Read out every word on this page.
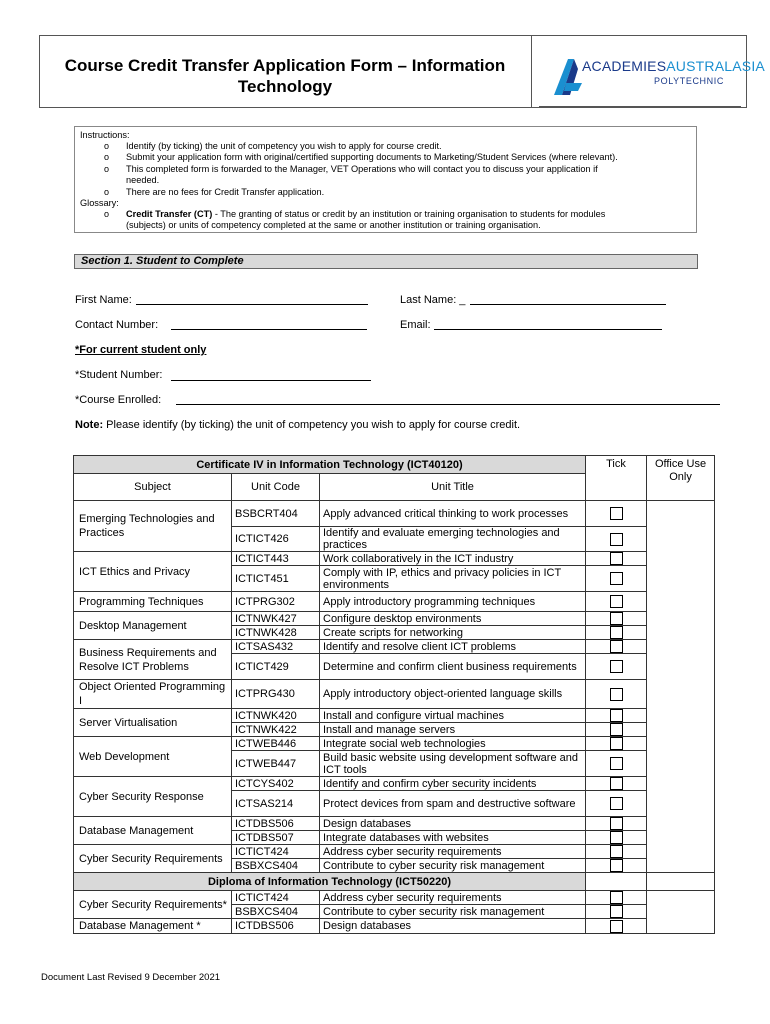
Course Credit Transfer Application Form – Information Technology
ACADEMIESAUSTRALASIA
POLYTECHNIC
Instructions:
o Identify (by ticking) the unit of competency you wish to apply for course credit.
o Submit your application form with original/certified supporting documents to Marketing/Student Services (where relevant).
o This completed form is forwarded to the Manager, VET Operations who will contact you to discuss your application if
needed.
o There are no fees for Credit Transfer application.
Glossary:
o Credit Transfer (CT) - The granting of status or credit by an institution or training organisation to students for modules
(subjects) or units of competency completed at the same or another institution or training organisation.
Section 1. Student to Complete
First Name:	Last Name: _
Contact Number:	Email:
*For current student only
*Student Number:
*Course Enrolled:
Note: Please identify (by ticking) the unit of competency you wish to apply for course credit.
Certificate IV in Information Technology (ICT40120)			Tick	Office Use Only
Subject	Unit Code	Unit Title		
Emerging Technologies and Practices	BSBCRT404	Apply advanced critical thinking to work processes		
	ICTICT426	Identify and evaluate emerging technologies and practices		
ICT Ethics and Privacy	ICTICT443	Work collaboratively in the ICT industry		
	ICTICT451	Comply with IP, ethics and privacy policies in ICT environments		
Programming Techniques	ICTPRG302	Apply introductory programming techniques		
Desktop Management	ICTNWK427	Configure desktop environments		
	ICTNWK428	Create scripts for networking		
Business Requirements and Resolve ICT Problems	ICTSAS432	Identify and resolve client ICT problems		
	ICTICT429	Determine and confirm client business requirements		
Object Oriented Programming I	ICTPRG430	Apply introductory object-oriented language skills		
Server Virtualisation	ICTNWK420	Install and configure virtual machines		
	ICTNWK422	Install and manage servers		
Web Development	ICTWEB446	Integrate social web technologies		
	ICTWEB447	Build basic website using development software and ICT tools		
Cyber Security Response	ICTCYS402	Identify and confirm cyber security incidents		
	ICTSAS214	Protect devices from spam and destructive software		
Database Management	ICTDBS506	Design databases		
	ICTDBS507	Integrate databases with websites		
Cyber Security Requirements	ICTICT424	Address cyber security requirements		
	BSBXCS404	Contribute to cyber security risk management		
Diploma of Information Technology (ICT50220)				
Cyber Security Requirements*	ICTICT424	Address cyber security requirements		
	BSBXCS404	Contribute to cyber security risk management		
Database Management *	ICTDBS506	Design databases		
Document Last Revised 9 December 2021
